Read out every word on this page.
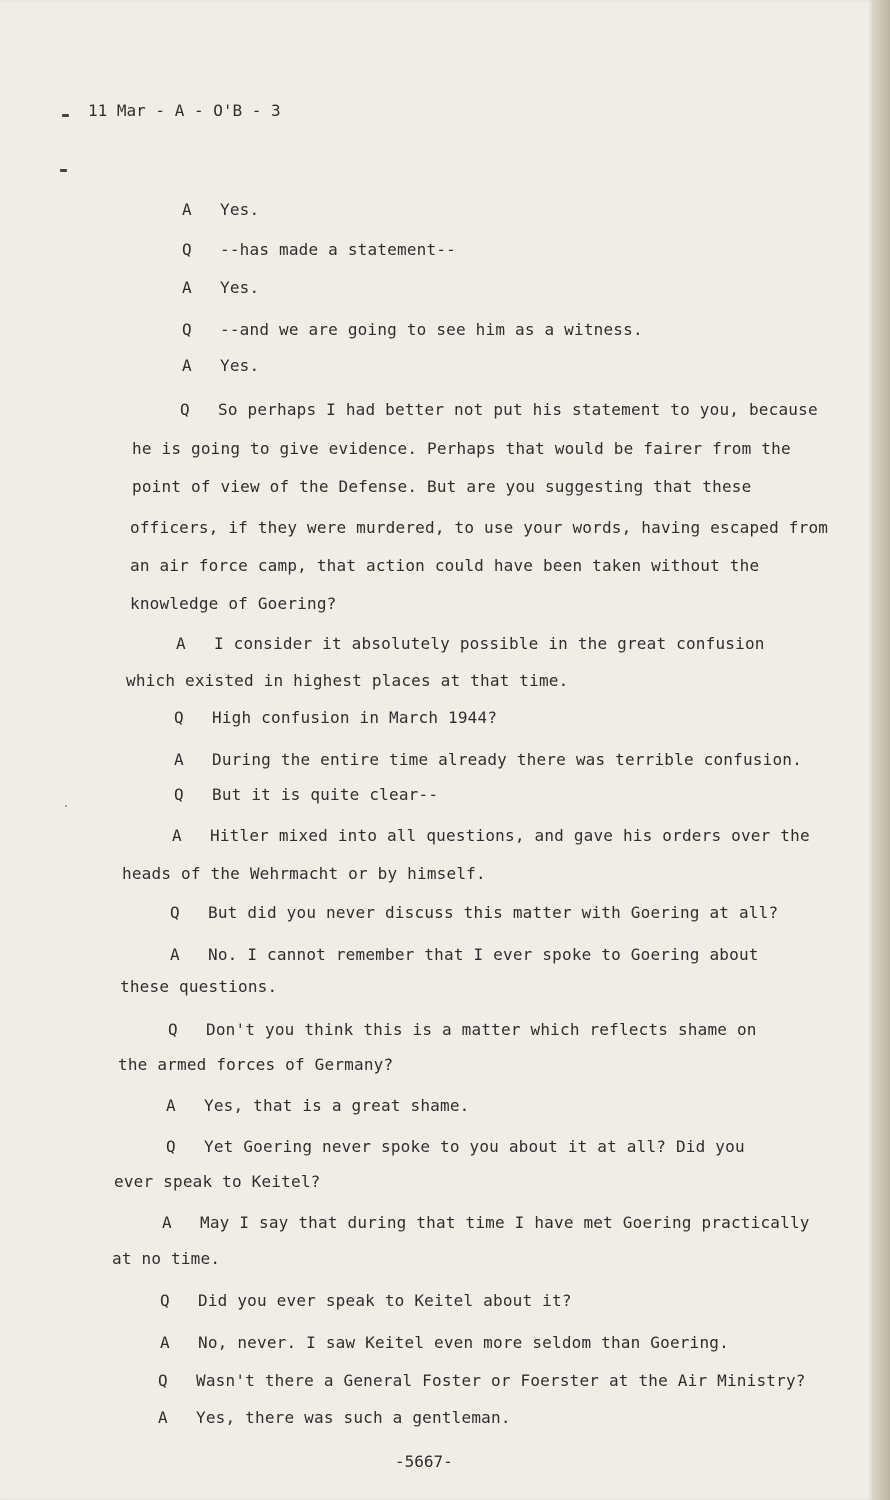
11 Mar - A - O'B - 3
A Yes.
Q --has made a statement--
A Yes.
Q --and we are going to see him as a witness.
A Yes.
Q So perhaps I had better not put his statement to you, because
he is going to give evidence. Perhaps that would be fairer from the
point of view of the Defense. But are you suggesting that these
officers, if they were murdered, to use your words, having escaped from
an air force camp, that action could have been taken without the
knowledge of Goering?
A I consider it absolutely possible in the great confusion
which existed in highest places at that time.
Q High confusion in March 1944?
A During the entire time already there was terrible confusion.
Q But it is quite clear--
A Hitler mixed into all questions, and gave his orders over the
heads of the Wehrmacht or by himself.
Q But did you never discuss this matter with Goering at all?
A No. I cannot remember that I ever spoke to Goering about
these questions.
Q Don't you think this is a matter which reflects shame on
the armed forces of Germany?
A Yes, that is a great shame.
Q Yet Goering never spoke to you about it at all? Did you
ever speak to Keitel?
A May I say that during that time I have met Goering practically
at no time.
Q Did you ever speak to Keitel about it?
A No, never. I saw Keitel even more seldom than Goering.
Q Wasn't there a General Foster or Foerster at the Air Ministry?
A Yes, there was such a gentleman.
-5667-
